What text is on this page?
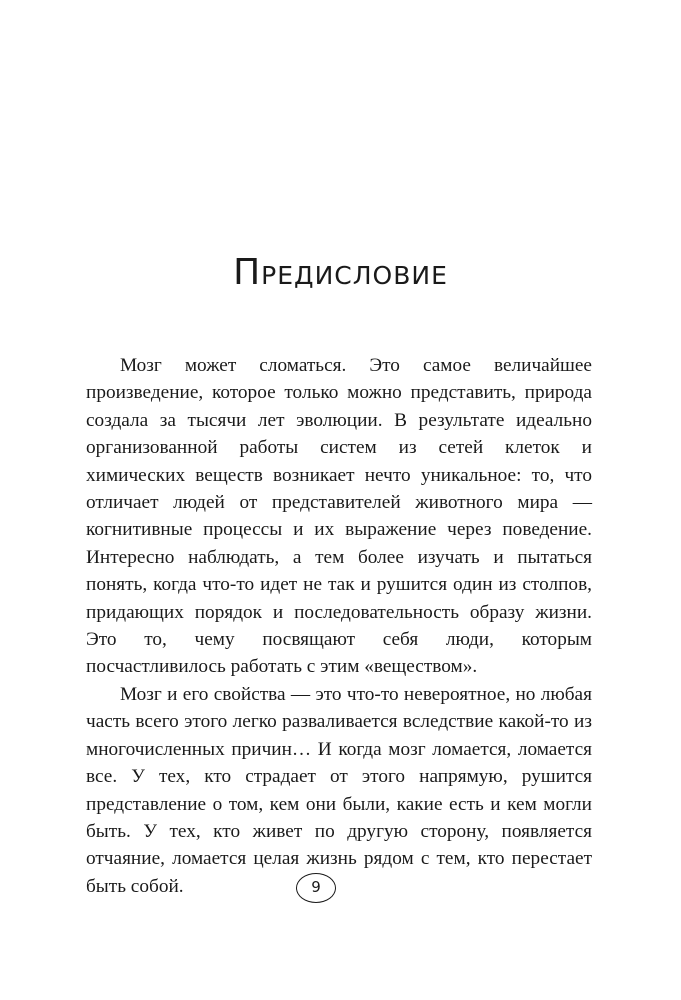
Предисловие

Мозг может сломаться. Это самое величайшее произведение, которое только можно представить, природа создала за тысячи лет эволюции. В результате идеально организованной работы систем из сетей клеток и химических веществ возникает нечто уникальное: то, что отличает людей от представителей животного мира — когнитивные процессы и их выражение через поведение. Интересно наблюдать, а тем более изучать и пытаться понять, когда что-то идет не так и рушится один из столпов, придающих порядок и последовательность образу жизни. Это то, чему посвящают себя люди, которым посчастливилось работать с этим «веществом».

Мозг и его свойства — это что-то невероятное, но любая часть всего этого легко разваливается вследствие какой-то из многочисленных причин… И когда мозг ломается, ломается все. У тех, кто страдает от этого напрямую, рушится представление о том, кем они были, какие есть и кем могли быть. У тех, кто живет по другую сторону, появляется отчаяние, ломается целая жизнь рядом с тем, кто перестает быть собой.	9
